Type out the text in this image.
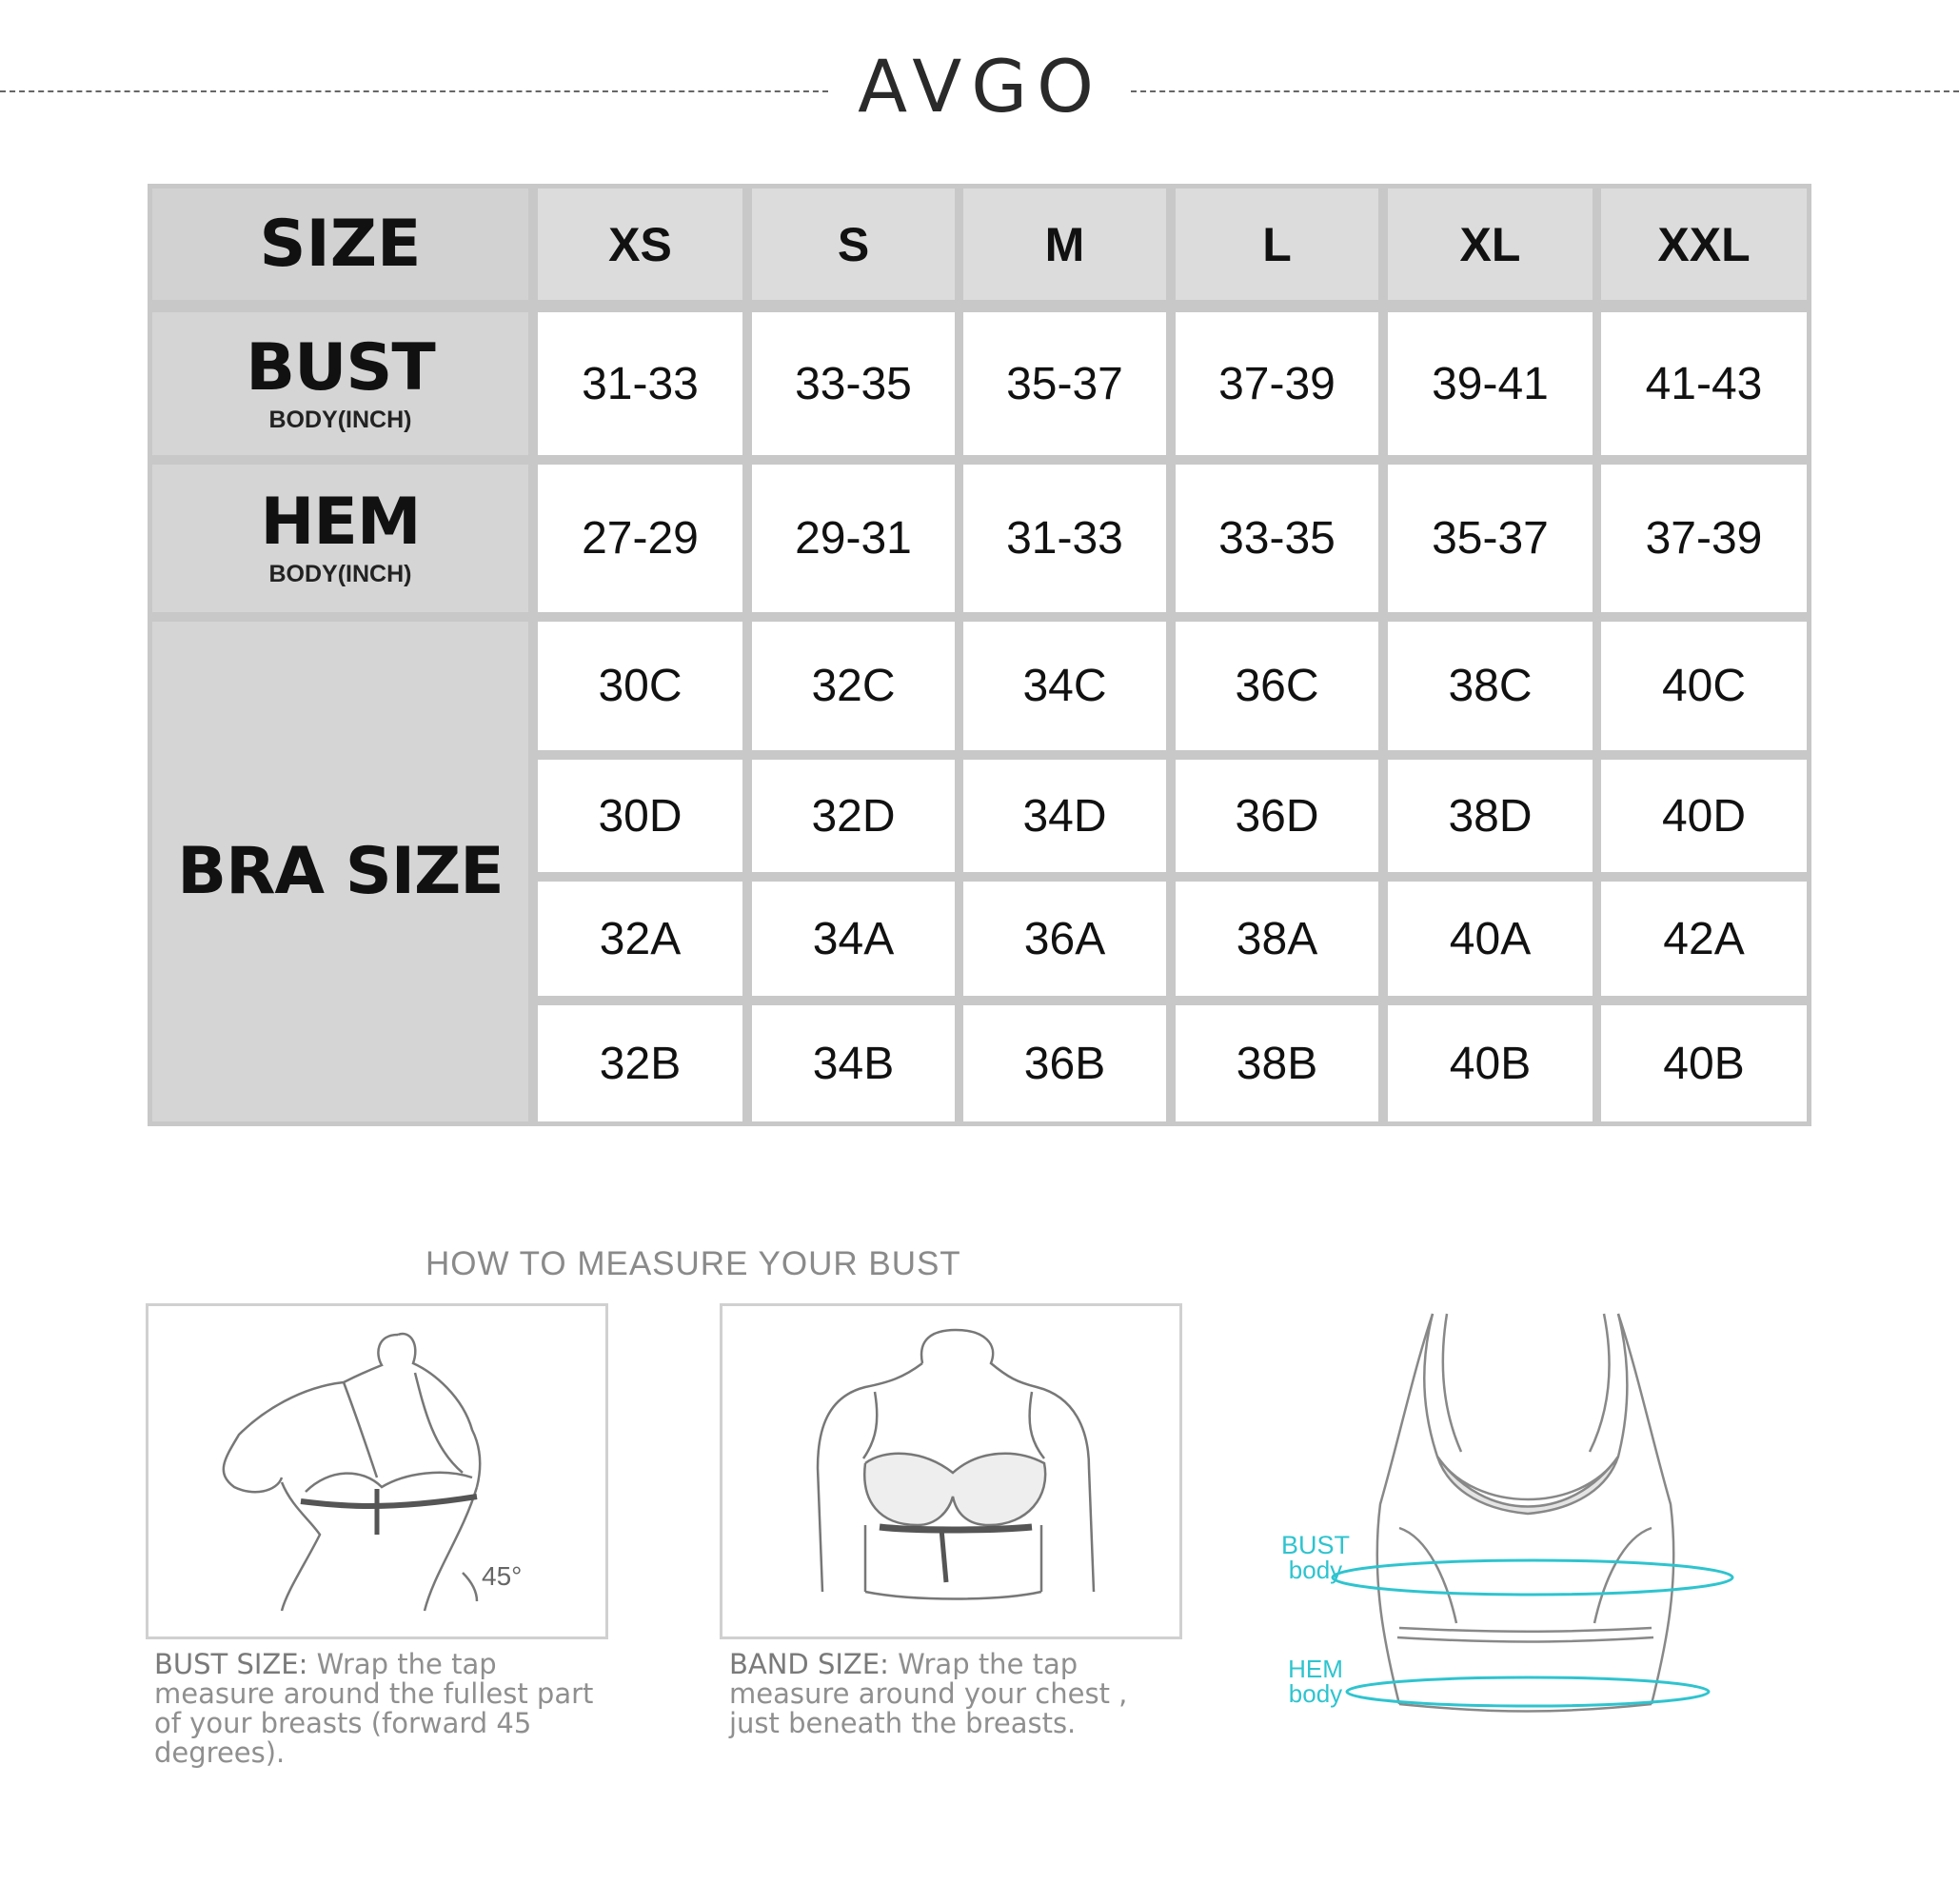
AVGO
SIZE	XS	S	M	L	XL	XXL
BUST
BODY(INCH)
31-33 33-35 35-37 37-39 39-41 41-43
HEM
BODY(INCH)
27-29 29-31 31-33 33-35 35-37 37-39
BRA SIZE
30C	32C	34C	36C	38C	40C
30D	32D	34D	36D	38D	40D
32A	34A	36A	38A	40A	42A
32B	34B	36B	38B	40B	40B
HOW TO MEASURE YOUR BUST
45°
BUST SIZE: Wrap the tap measure around the fullest part of your breasts (forward 45 degrees).
BAND SIZE: Wrap the tap measure around your chest , just beneath the breasts.
BUST
body
HEM
body
